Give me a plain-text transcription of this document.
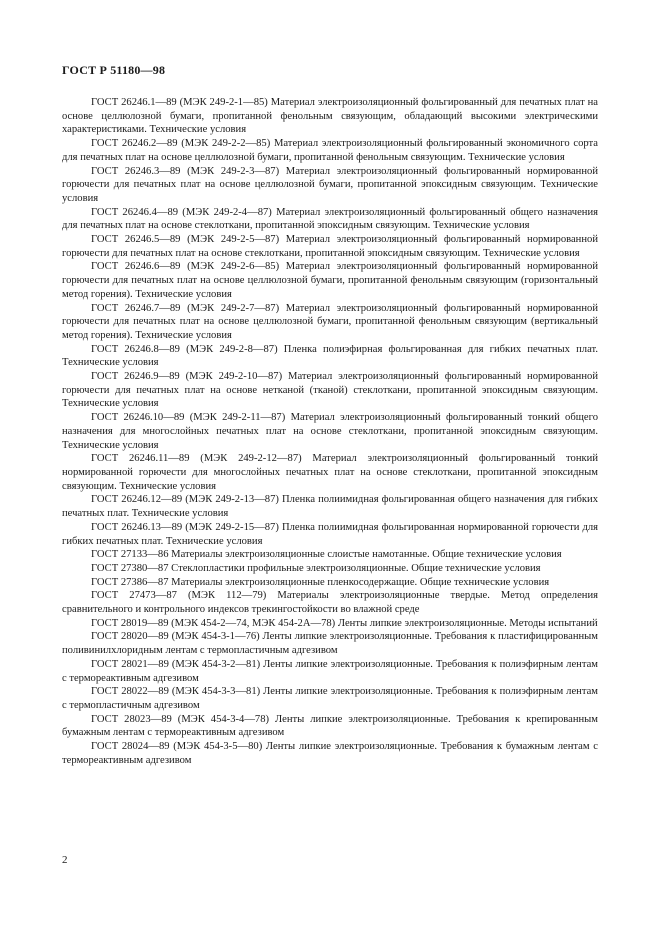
ГОСТ Р 51180—98

ГОСТ 26246.1—89 (МЭК 249-2-1—85) Материал электроизоляционный фольгированный для печатных плат на основе целлюлозной бумаги, пропитанной фенольным связующим, обладающий высокими электрическими характеристиками. Технические условия

ГОСТ 26246.2—89 (МЭК 249-2-2—85) Материал электроизоляционный фольгированный экономичного сорта для печатных плат на основе целлюлозной бумаги, пропитанной фенольным связующим. Технические условия

ГОСТ 26246.3—89 (МЭК 249-2-3—87) Материал электроизоляционный фольгированный нормированной горючести для печатных плат на основе целлюлозной бумаги, пропитанной эпоксидным связующим. Технические условия

ГОСТ 26246.4—89 (МЭК 249-2-4—87) Материал электроизоляционный фольгированный общего назначения для печатных плат на основе стеклоткани, пропитанной эпоксидным связующим. Технические условия

ГОСТ 26246.5—89 (МЭК 249-2-5—87) Материал электроизоляционный фольгированный нормированной горючести для печатных плат на основе стеклоткани, пропитанной эпоксидным связующим. Технические условия

ГОСТ 26246.6—89 (МЭК 249-2-6—85) Материал электроизоляционный фольгированный нормированной горючести для печатных плат на основе целлюлозной бумаги, пропитанной фенольным связующим (горизонтальный метод горения). Технические условия

ГОСТ 26246.7—89 (МЭК 249-2-7—87) Материал электроизоляционный фольгированный нормированной горючести для печатных плат на основе целлюлозной бумаги, пропитанной фенольным связующим (вертикальный метод горения). Технические условия

ГОСТ 26246.8—89 (МЭК 249-2-8—87) Пленка полиэфирная фольгированная для гибких печатных плат. Технические условия

ГОСТ 26246.9—89 (МЭК 249-2-10—87) Материал электроизоляционный фольгированный нормированной горючести для печатных плат на основе нетканой (тканой) стеклоткани, пропитанной эпоксидным связующим. Технические условия

ГОСТ 26246.10—89 (МЭК 249-2-11—87) Материал электроизоляционный фольгированный тонкий общего назначения для многослойных печатных плат на основе стеклоткани, пропитанной эпоксидным связующим. Технические условия

ГОСТ 26246.11—89 (МЭК 249-2-12—87) Материал электроизоляционный фольгированный тонкий нормированной горючести для многослойных печатных плат на основе стеклоткани, пропитанной эпоксидным связующим. Технические условия

ГОСТ 26246.12—89 (МЭК 249-2-13—87) Пленка полиимидная фольгированная общего назначения для гибких печатных плат. Технические условия

ГОСТ 26246.13—89 (МЭК 249-2-15—87) Пленка полиимидная фольгированная нормированной горючести для гибких печатных плат. Технические условия

ГОСТ 27133—86 Материалы электроизоляционные слоистые намотанные. Общие технические условия

ГОСТ 27380—87 Стеклопластики профильные электроизоляционные. Общие технические условия

ГОСТ 27386—87 Материалы электроизоляционные пленкосодержащие. Общие технические условия

ГОСТ 27473—87 (МЭК 112—79) Материалы электроизоляционные твердые. Метод определения сравнительного и контрольного индексов трекингостойкости во влажной среде

ГОСТ 28019—89 (МЭК 454-2—74, МЭК 454-2А—78) Ленты липкие электроизоляционные. Методы испытаний

ГОСТ 28020—89 (МЭК 454-3-1—76) Ленты липкие электроизоляционные. Требования к пластифицированным поливинилхлоридным лентам с термопластичным адгезивом

ГОСТ 28021—89 (МЭК 454-3-2—81) Ленты липкие электроизоляционные. Требования к полиэфирным лентам с термореактивным адгезивом

ГОСТ 28022—89 (МЭК 454-3-3—81) Ленты липкие электроизоляционные. Требования к полиэфирным лентам с термопластичным адгезивом

ГОСТ 28023—89 (МЭК 454-3-4—78) Ленты липкие электроизоляционные. Требования к крепированным бумажным лентам с термореактивным адгезивом

ГОСТ 28024—89 (МЭК 454-3-5—80) Ленты липкие электроизоляционные. Требования к бумажным лентам с термореактивным адгезивом

2
